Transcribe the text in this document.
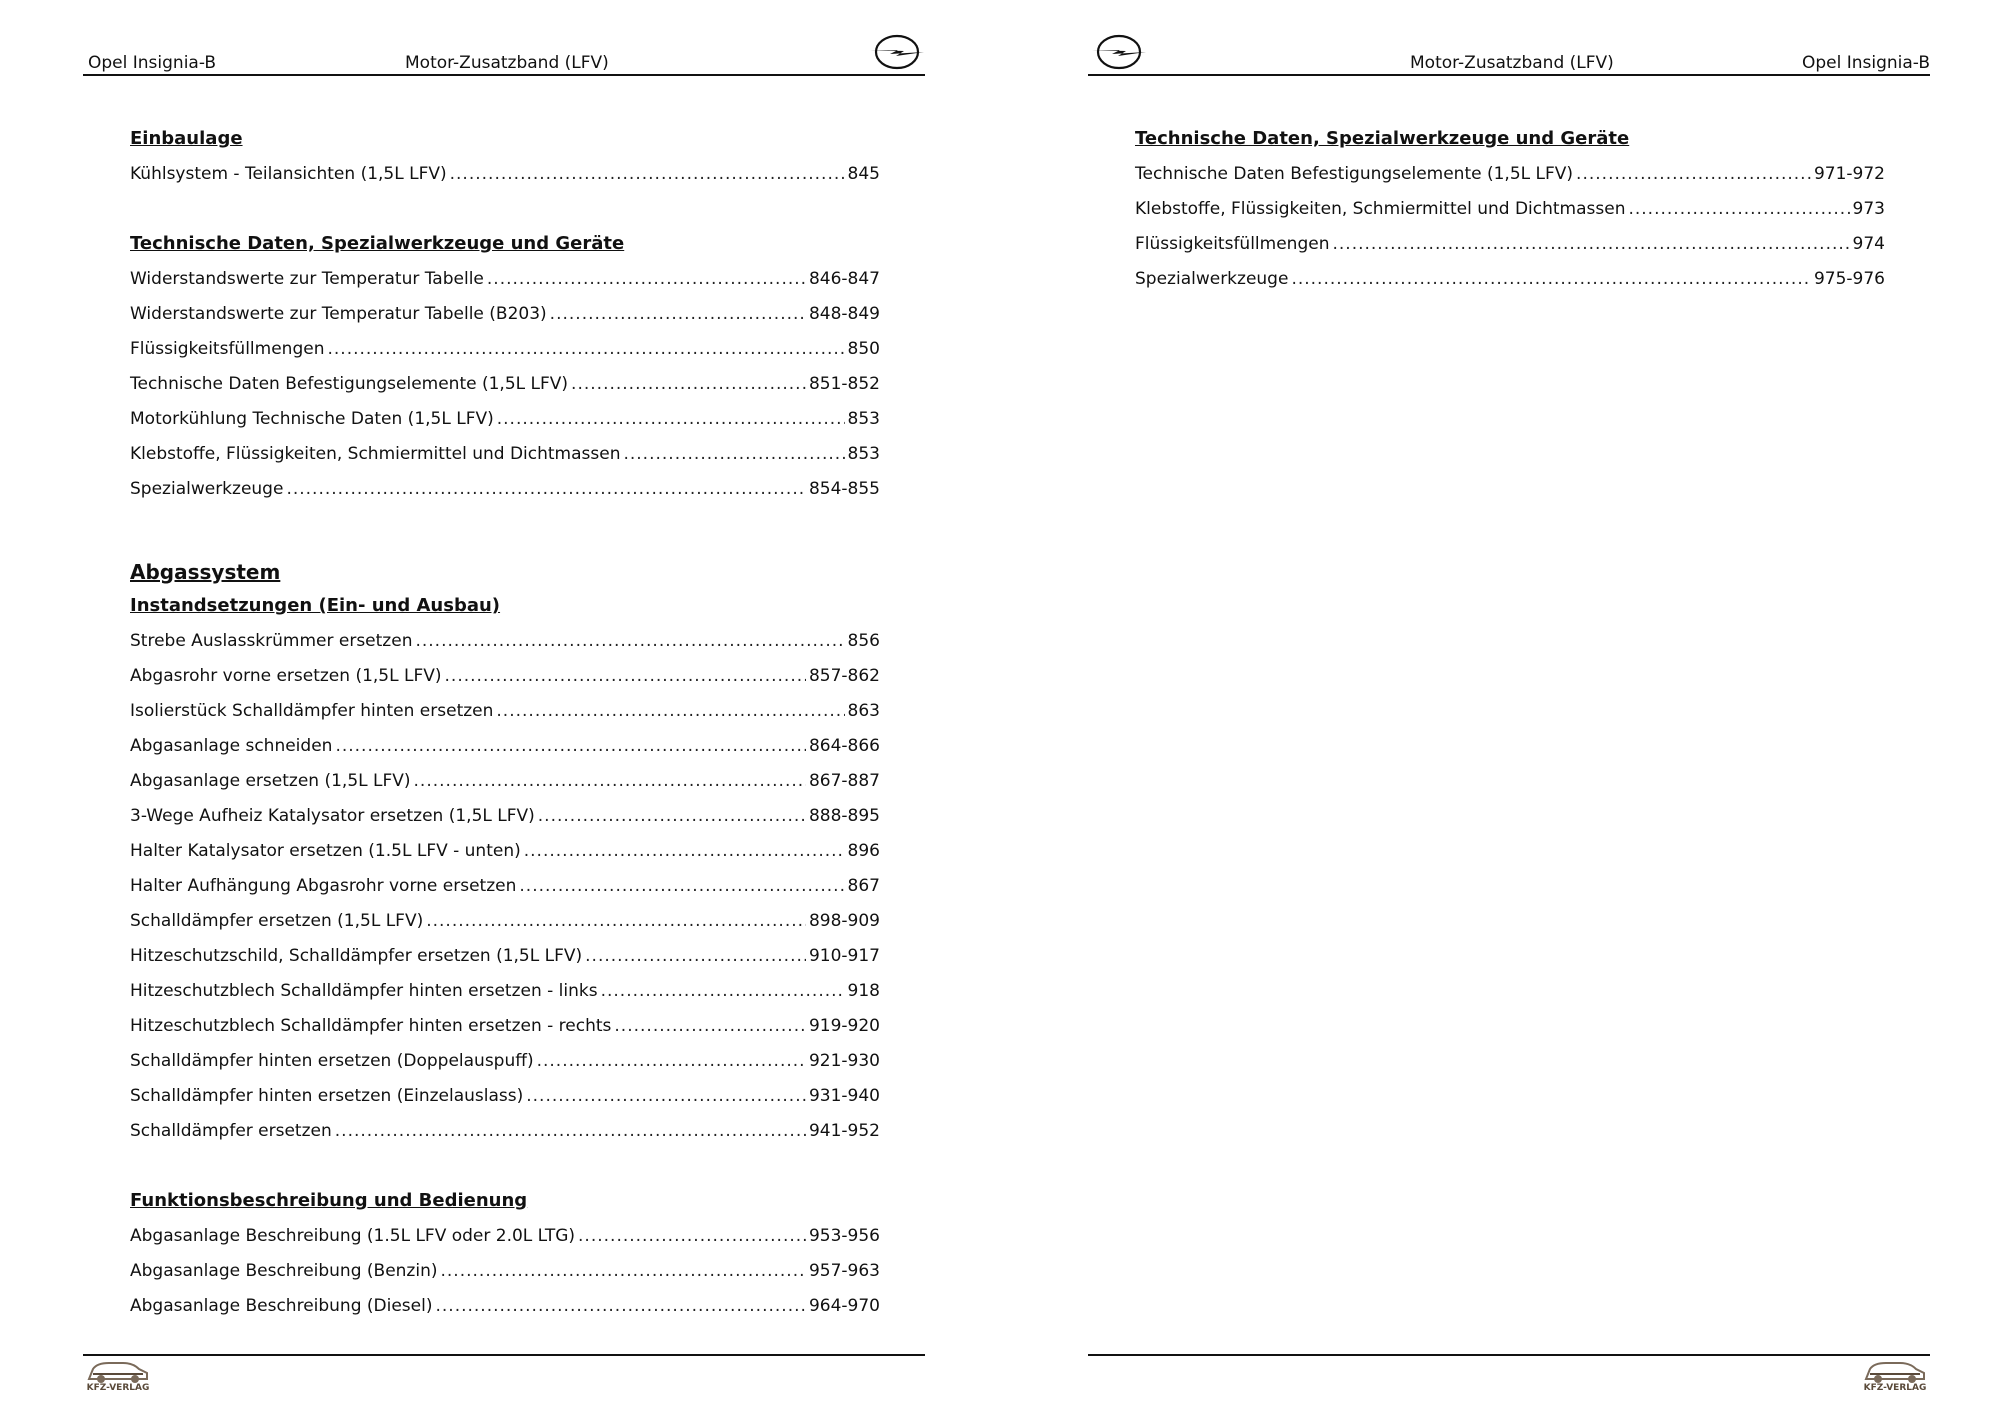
Opel Insignia-B	Motor-Zusatzband (LFV)
Einbaulage
Kühlsystem - Teilansichten (1,5L LFV) .....	845
Technische Daten, Spezialwerkzeuge und Geräte
Widerstandswerte zur Temperatur Tabelle .....	846-847
Widerstandswerte zur Temperatur Tabelle (B203) .....	848-849
Flüssigkeitsfüllmengen .....	850
Technische Daten Befestigungselemente (1,5L LFV) .....	851-852
Motorkühlung Technische Daten (1,5L LFV) .....	853
Klebstoffe, Flüssigkeiten, Schmiermittel und Dichtmassen .....	853
Spezialwerkzeuge .....	854-855
Abgassystem
Instandsetzungen (Ein- und Ausbau)
Strebe Auslasskrümmer ersetzen .....	856
Abgasrohr vorne ersetzen (1,5L LFV) .....	857-862
Isolierstück Schalldämpfer hinten ersetzen .....	863
Abgasanlage schneiden .....	864-866
Abgasanlage ersetzen (1,5L LFV) .....	867-887
3-Wege Aufheiz Katalysator ersetzen (1,5L LFV) .....	888-895
Halter Katalysator ersetzen (1.5L LFV - unten) .....	896
Halter Aufhängung Abgasrohr vorne ersetzen .....	867
Schalldämpfer ersetzen (1,5L LFV) .....	898-909
Hitzeschutzschild, Schalldämpfer ersetzen (1,5L LFV) .....	910-917
Hitzeschutzblech Schalldämpfer hinten ersetzen - links .....	918
Hitzeschutzblech Schalldämpfer hinten ersetzen - rechts .....	919-920
Schalldämpfer hinten ersetzen (Doppelauspuff) .....	921-930
Schalldämpfer hinten ersetzen (Einzelauslass) .....	931-940
Schalldämpfer ersetzen .....	941-952
Funktionsbeschreibung und Bedienung
Abgasanlage Beschreibung (1.5L LFV oder 2.0L LTG) .....	953-956
Abgasanlage Beschreibung (Benzin) .....	957-963
Abgasanlage Beschreibung (Diesel) .....	964-970
KFZ-VERLAG
Motor-Zusatzband (LFV)	Opel Insignia-B
Technische Daten, Spezialwerkzeuge und Geräte
Technische Daten Befestigungselemente (1,5L LFV) .....	971-972
Klebstoffe, Flüssigkeiten, Schmiermittel und Dichtmassen .....	973
Flüssigkeitsfüllmengen .....	974
Spezialwerkzeuge .....	975-976
KFZ-VERLAG
